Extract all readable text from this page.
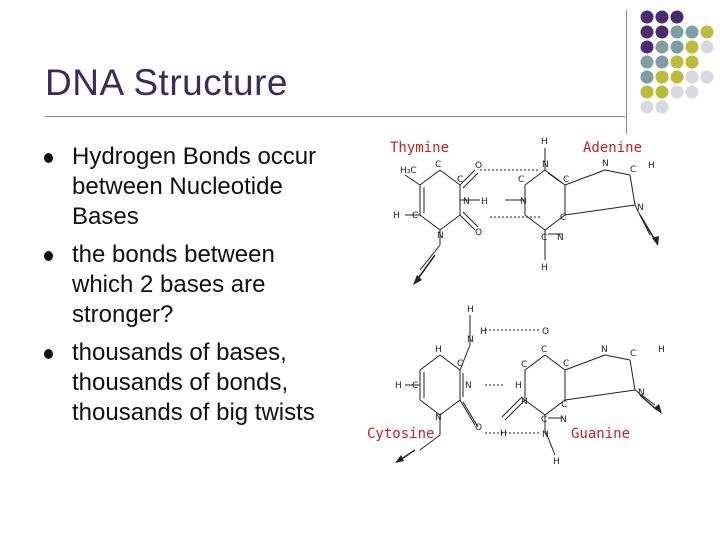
DNA Structure
Hydrogen Bonds occur between Nucleotide Bases
the bonds between which 2 bases are stronger?
thousands of bases, thousands of bonds, thousands of big twists
H₃C
C
C
O
H C
N H
N	O
H
N
C
C
N
C
C N
H
N
C H
N
H
N
H
H C
H
C
N
O
N
O
C
C
H
N
H
C
N C H
N
C
C N
N
H
Thymine	Adenine
Cytosine	Guanine
